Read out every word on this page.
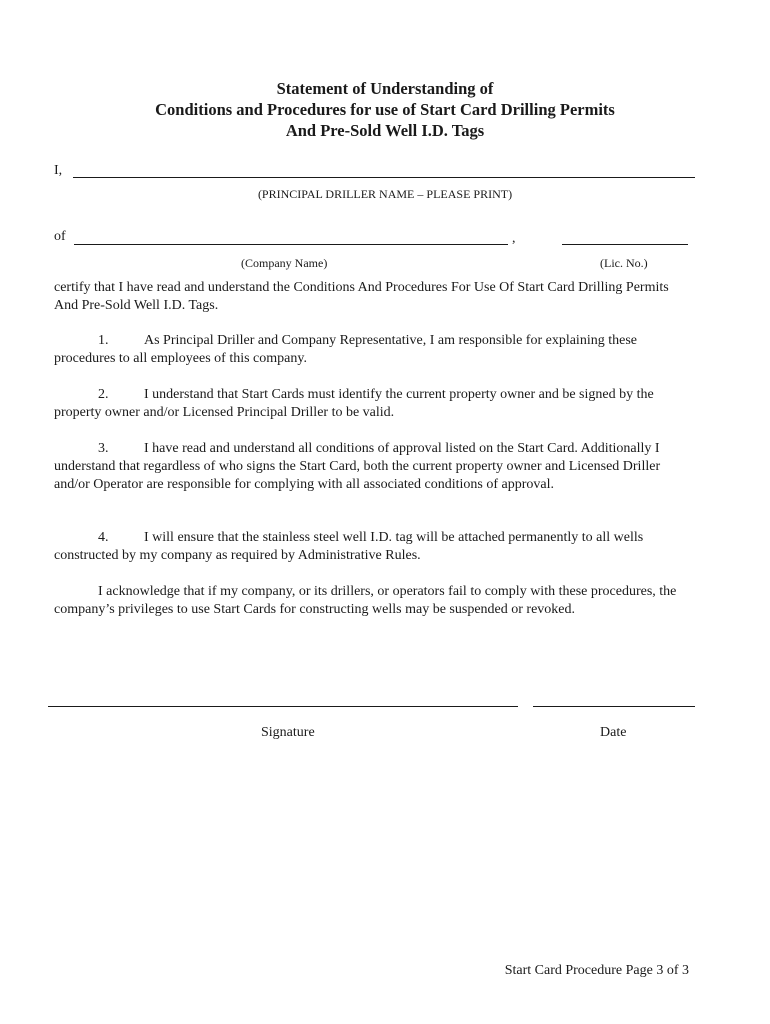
Statement of Understanding of
Conditions and Procedures for use of Start Card Drilling Permits
And Pre-Sold Well I.D. Tags
I,
(PRINCIPAL DRILLER NAME – PLEASE PRINT)
of	,
(Company Name)	(Lic. No.)

certify that I have read and understand the Conditions And Procedures For Use Of Start Card Drilling Permits And Pre-Sold Well I.D. Tags.

1.	As Principal Driller and Company Representative, I am responsible for explaining these procedures to all employees of this company.

2.	I understand that Start Cards must identify the current property owner and be signed by the property owner and/or Licensed Principal Driller to be valid.

3.	I have read and understand all conditions of approval listed on the Start Card. Additionally I understand that regardless of who signs the Start Card, both the current property owner and Licensed Driller and/or Operator are responsible for complying with all associated conditions of approval.

4.	I will ensure that the stainless steel well I.D. tag will be attached permanently to all wells constructed by my company as required by Administrative Rules.

I acknowledge that if my company, or its drillers, or operators fail to comply with these procedures, the company’s privileges to use Start Cards for constructing wells may be suspended or revoked.

Signature	Date
Start Card Procedure Page 3 of 3
